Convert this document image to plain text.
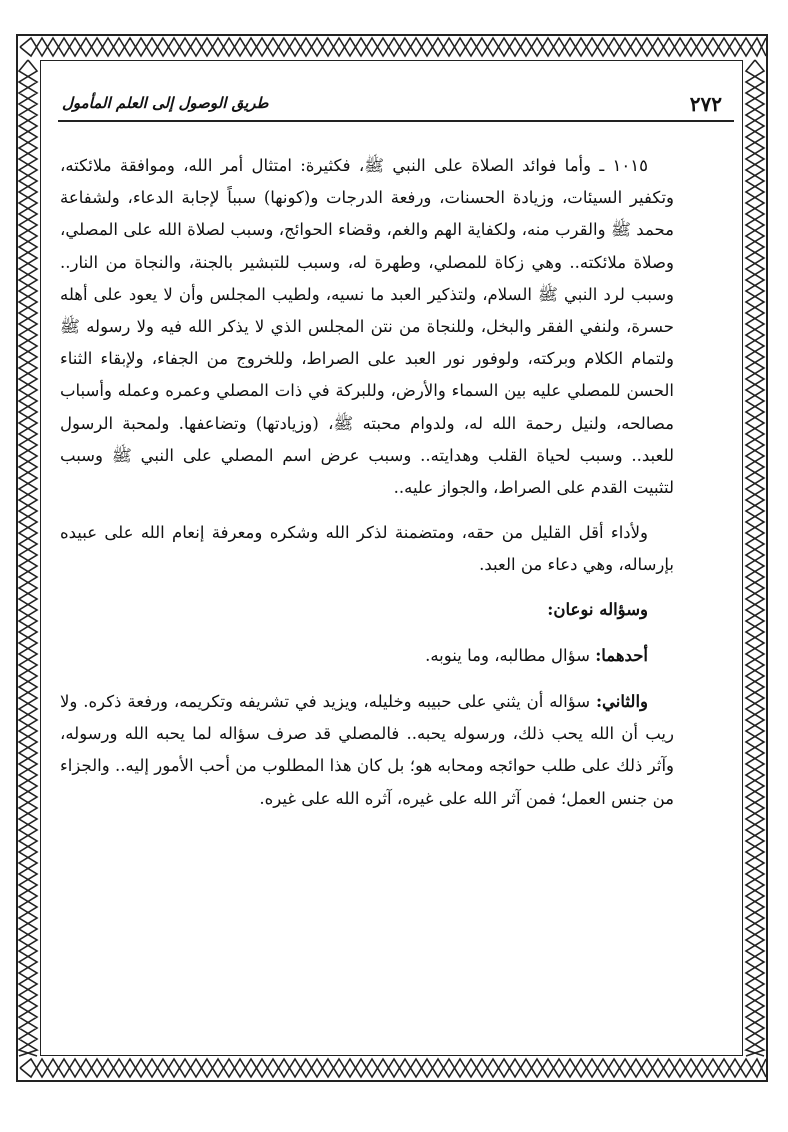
٢٧٢
طريق الوصول إلى العلم المأمول

١٠١٥ ـ وأما فوائد الصلاة على النبي ﷺ، فكثيرة: امتثال أمر الله، وموافقة ملائكته، وتكفير السيئات، وزيادة الحسنات، ورفعة الدرجات و(كونها) سبباً لإجابة الدعاء، ولشفاعة محمد ﷺ والقرب منه، ولكفاية الهم والغم، وقضاء الحوائج، وسبب لصلاة الله على المصلي، وصلاة ملائكته.. وهي زكاة للمصلي، وطهرة له، وسبب للتبشير بالجنة، والنجاة من النار.. وسبب لرد النبي ﷺ السلام، ولتذكير العبد ما نسيه، ولطيب المجلس وأن لا يعود على أهله حسرة، ولنفي الفقر والبخل، وللنجاة من نتن المجلس الذي لا يذكر الله فيه ولا رسوله ﷺ ولتمام الكلام وبركته، ولوفور نور العبد على الصراط، وللخروج من الجفاء، ولإبقاء الثناء الحسن للمصلي عليه بين السماء والأرض، وللبركة في ذات المصلي وعمره وعمله وأسباب مصالحه، ولنيل رحمة الله له، ولدوام محبته ﷺ، (وزيادتها) وتضاعفها. ولمحبة الرسول للعبد.. وسبب لحياة القلب وهدايته.. وسبب عرض اسم المصلي على النبي ﷺ وسبب لتثبيت القدم على الصراط، والجواز عليه..

ولأداء أقل القليل من حقه، ومتضمنة لذكر الله وشكره ومعرفة إنعام الله على عبيده بإرساله، وهي دعاء من العبد.

وسؤاله نوعان:

أحدهما: سؤال مطالبه، وما ينوبه.

والثاني: سؤاله أن يثني على حبيبه وخليله، ويزيد في تشريفه وتكريمه، ورفعة ذكره. ولا ريب أن الله يحب ذلك، ورسوله يحبه.. فالمصلي قد صرف سؤاله لما يحبه الله ورسوله، وآثر ذلك على طلب حوائجه ومحابه هو؛ بل كان هذا المطلوب من أحب الأمور إليه.. والجزاء من جنس العمل؛ فمن آثر الله على غيره، آثره الله على غيره.
